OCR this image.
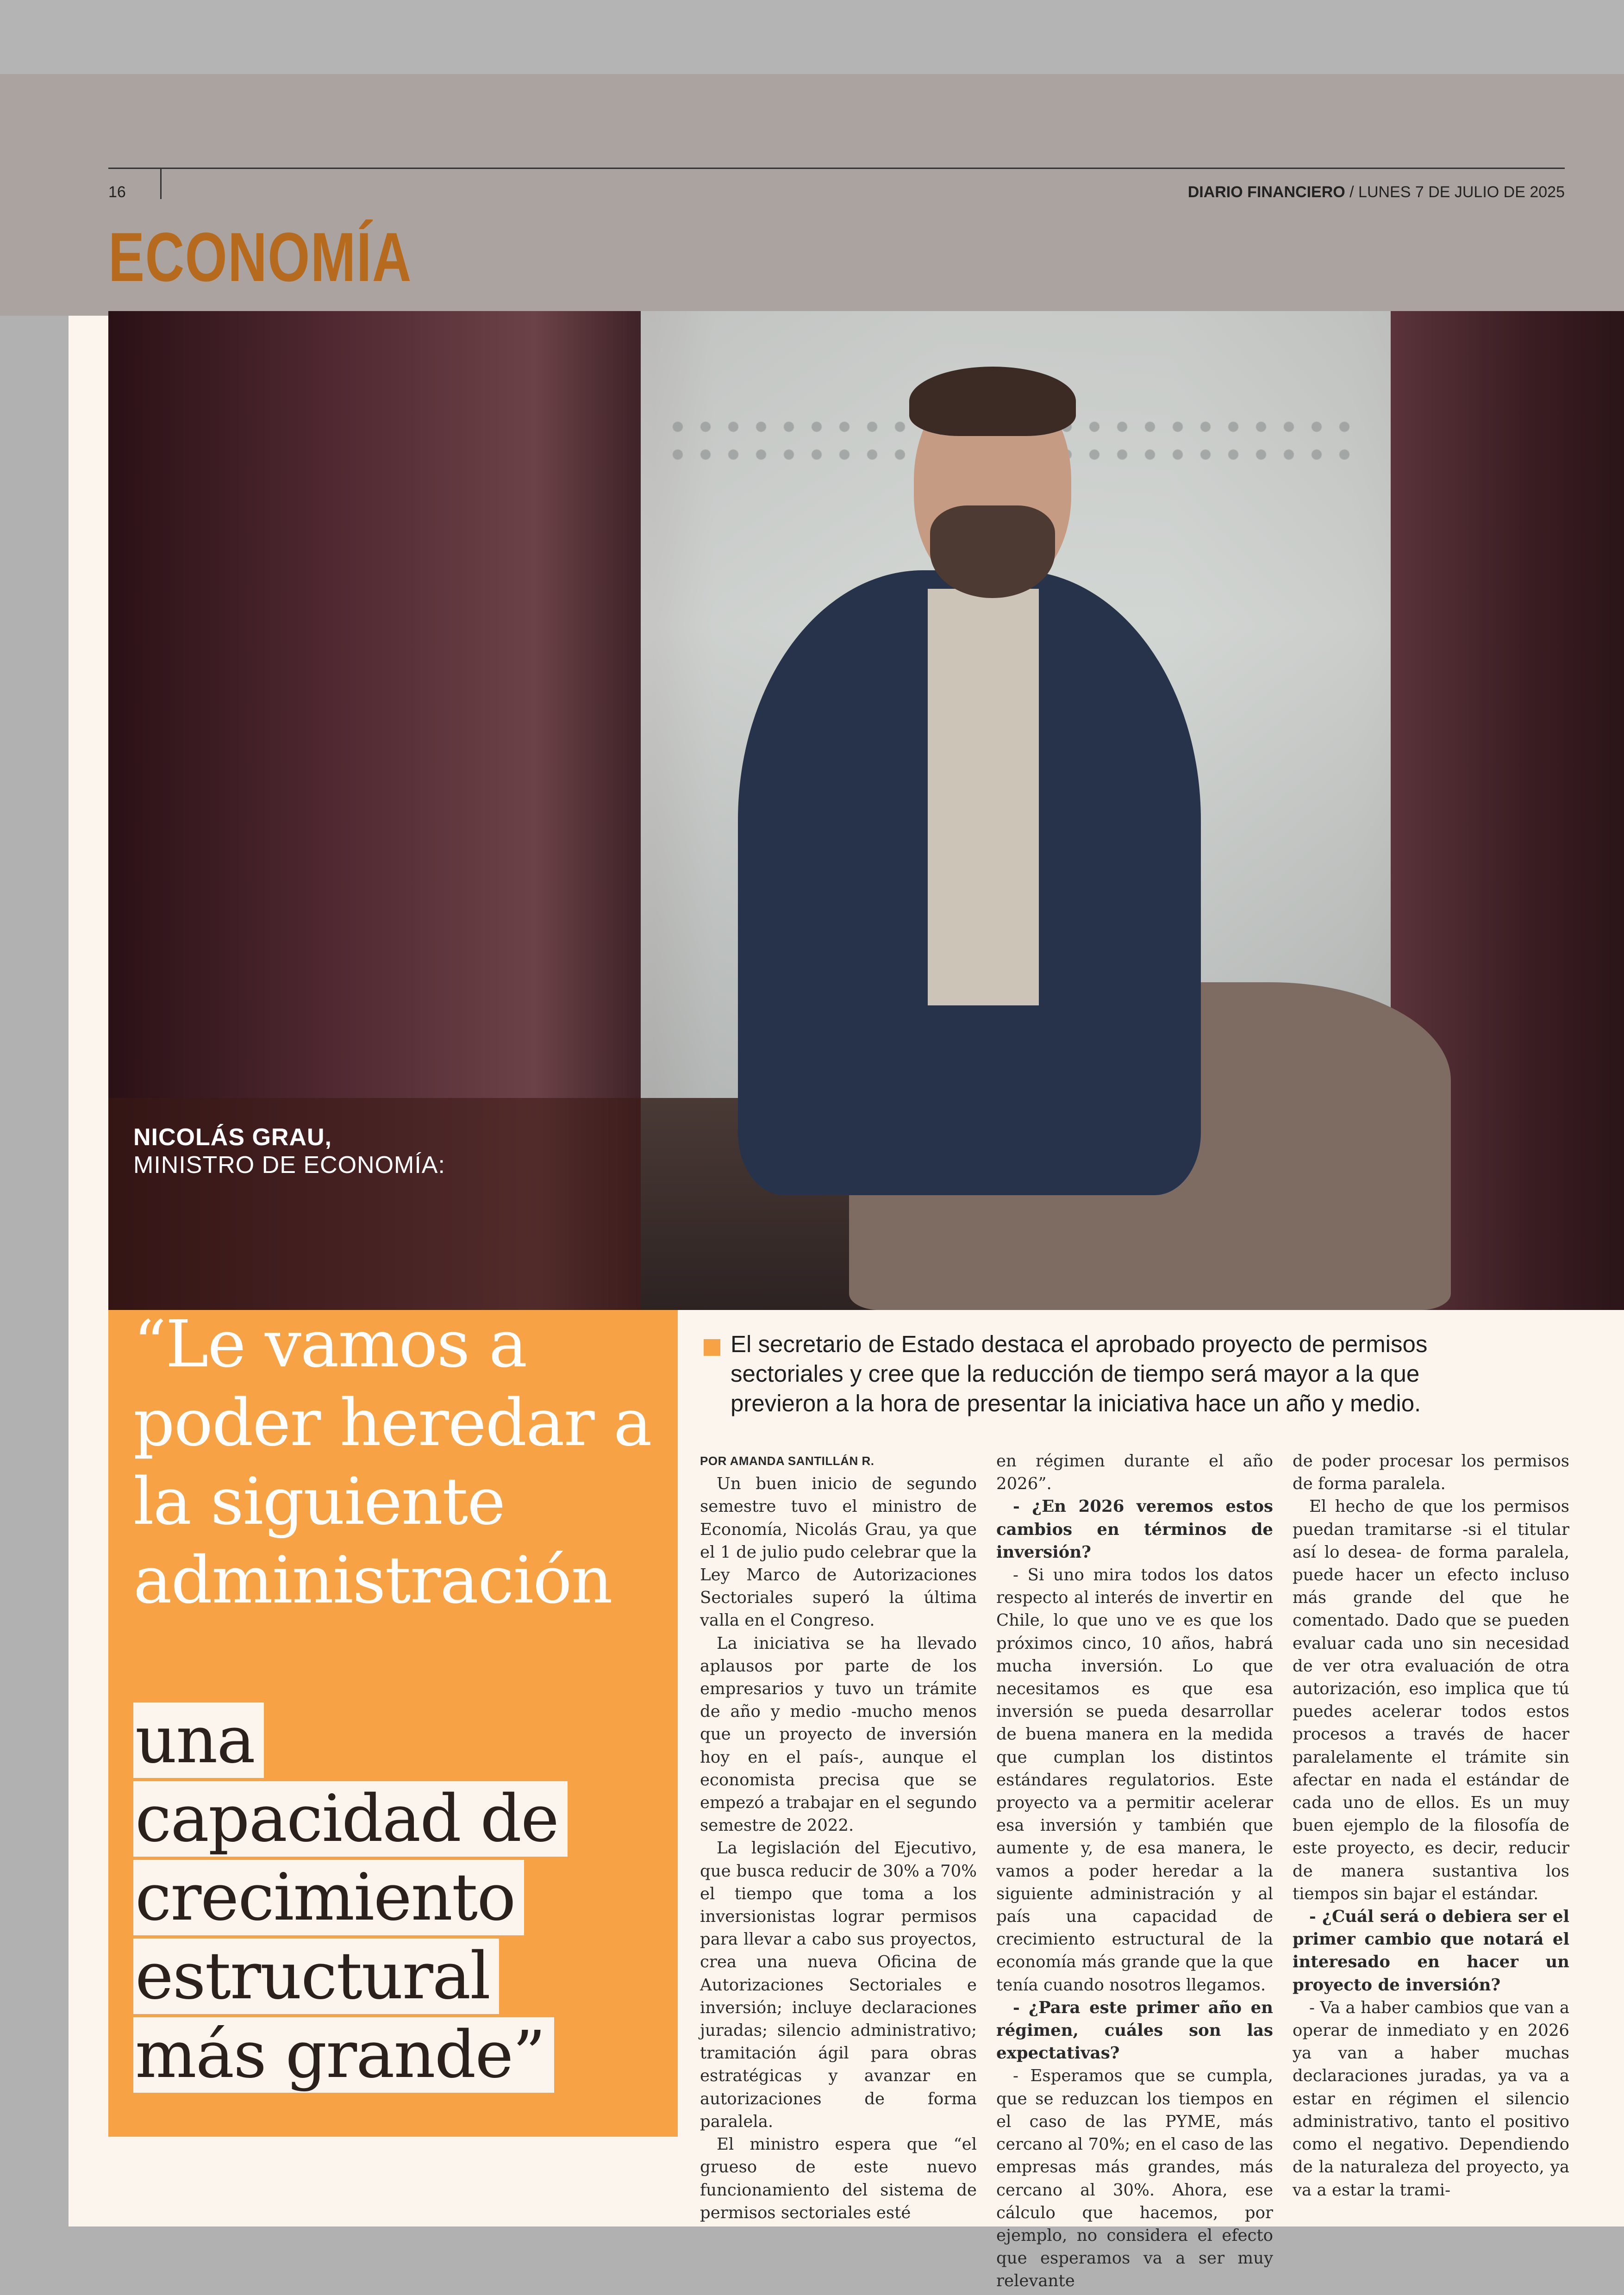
16	DIARIO FINANCIERO / LUNES 7 DE JULIO DE 2025
ECONOMÍA
NICOLÁS GRAU,
MINISTRO DE ECONOMÍA:
“Le vamos a poder heredar a la siguiente administración
una
capacidad de
crecimiento
estructural
más grande”
El secretario de Estado destaca el aprobado proyecto de permisos sectoriales y cree que la reducción de tiempo será mayor a la que previeron a la hora de presentar la iniciativa hace un año y medio.

POR AMANDA SANTILLÁN R.

Un buen inicio de segundo semestre tuvo el ministro de Economía, Nicolás Grau, ya que el 1 de julio pudo celebrar que la Ley Marco de Autorizaciones Sectoriales superó la última valla en el Congreso.

La iniciativa se ha llevado aplausos por parte de los empresarios y tuvo un trámite de año y medio -mucho menos que un proyecto de inversión hoy en el país-, aunque el economista precisa que se empezó a trabajar en el segundo semestre de 2022.

La legislación del Ejecutivo, que busca reducir de 30% a 70% el tiempo que toma a los inversionistas lograr permisos para llevar a cabo sus proyectos, crea una nueva Oficina de Autorizaciones Sectoriales e inversión; incluye declaraciones juradas; silencio administrativo; tramitación ágil para obras estratégicas y avanzar en autorizaciones de forma paralela.

El ministro espera que “el grueso de este nuevo funcionamiento del sistema de permisos sectoriales esté

en régimen durante el año 2026”.

- ¿En 2026 veremos estos cambios en términos de inversión?

- Si uno mira todos los datos respecto al interés de invertir en Chile, lo que uno ve es que los próximos cinco, 10 años, habrá mucha inversión. Lo que necesitamos es que esa inversión se pueda desarrollar de buena manera en la medida que cumplan los distintos estándares regulatorios. Este proyecto va a permitir acelerar esa inversión y también que aumente y, de esa manera, le vamos a poder heredar a la siguiente administración y al país una capacidad de crecimiento estructural de la economía más grande que la que tenía cuando nosotros llegamos.

- ¿Para este primer año en régimen, cuáles son las expectativas?

- Esperamos que se cumpla, que se reduzcan los tiempos en el caso de las PYME, más cercano al 70%; en el caso de las empresas más grandes, más cercano al 30%. Ahora, ese cálculo que hacemos, por ejemplo, no considera el efecto que esperamos va a ser muy relevante

de poder procesar los permisos de forma paralela.

El hecho de que los permisos puedan tramitarse -si el titular así lo desea- de forma paralela, puede hacer un efecto incluso más grande del que he comentado. Dado que se pueden evaluar cada uno sin necesidad de ver otra evaluación de otra autorización, eso implica que tú puedes acelerar todos estos procesos a través de hacer paralelamente el trámite sin afectar en nada el estándar de cada uno de ellos. Es un muy buen ejemplo de la filosofía de este proyecto, es decir, reducir de manera sustantiva los tiempos sin bajar el estándar.

- ¿Cuál será o debiera ser el primer cambio que notará el interesado en hacer un proyecto de inversión?

- Va a haber cambios que van a operar de inmediato y en 2026 ya van a haber muchas declaraciones juradas, ya va a estar en régimen el silencio administrativo, tanto el positivo como el negativo. Dependiendo de la naturaleza del proyecto, ya va a estar la trami-
